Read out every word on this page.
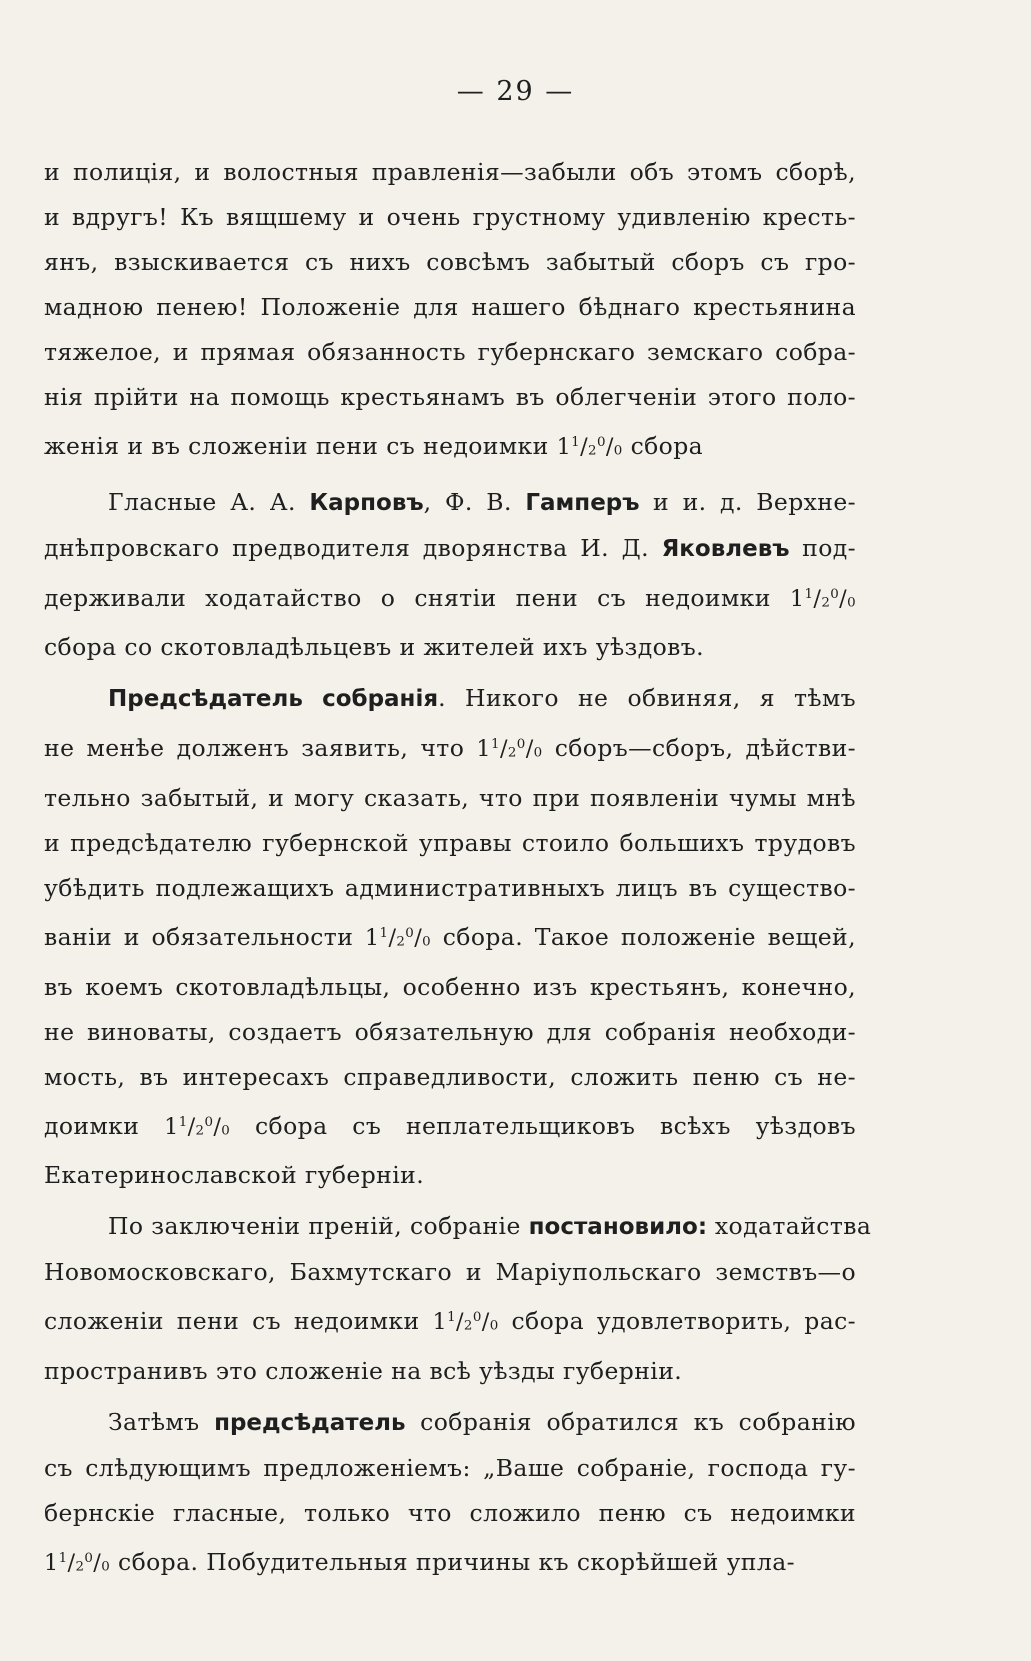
— 29 —
и полиція, и волостныя правленія—забыли объ этомъ сборѣ,
и вдругъ! Къ вящшему и очень грустному удивленію кресть-
янъ, взыскивается съ нихъ совсѣмъ забытый сборъ съ гро-
мадною пенею! Положеніе для нашего бѣднаго крестьянина
тяжелое, и прямая обязанность губернскаго земскаго собра-
нія прійти на помощь крестьянамъ въ облегченіи этого поло-
женія и въ сложеніи пени съ недоимки $1^1/_2^0/_0$ сбора
Гласные А. А. Карповъ, Ф. В. Гамперъ и и. д. Верхне-
днѣпровскаго предводителя дворянства И. Д. Яковлевъ под-
держивали ходатайство о снятіи пени съ недоимки $1^1/_2^0/_0$
сбора со скотовладѣльцевъ и жителей ихъ уѣздовъ.
Предсѣдатель собранія. Никого не обвиняя, я тѣмъ
не менѣе долженъ заявить, что $1^1/_2^0/_0$ сборъ—сборъ, дѣйстви-
тельно забытый, и могу сказать, что при появленіи чумы мнѣ
и предсѣдателю губернской управы стоило большихъ трудовъ
убѣдить подлежащихъ административныхъ лицъ въ существо-
ваніи и обязательности $1^1/_2^0/_0$ сбора. Такое положеніе вещей,
въ коемъ скотовладѣльцы, особенно изъ крестьянъ, конечно,
не виноваты, создаетъ обязательную для собранія необходи-
мость, въ интересахъ справедливости, сложить пеню съ не-
доимки $1^1/_2^0/_0$ сбора съ неплательщиковъ всѣхъ уѣздовъ
Екатеринославской губерніи.
По заключеніи преній, собраніе постановило: ходатайства
Новомосковскаго, Бахмутскаго и Маріупольскаго земствъ—о
сложеніи пени съ недоимки $1^1/_2^0/_0$ сбора удовлетворить, рас-
пространивъ это сложеніе на всѣ уѣзды губерніи.
Затѣмъ предсѣдатель собранія обратился къ собранію
съ слѣдующимъ предложеніемъ: „Ваше собраніе, господа гу-
бернскіе гласные, только что сложило пеню съ недоимки
$1^1/_2^0/_0$ сбора. Побудительныя причины къ скорѣйшей упла-
